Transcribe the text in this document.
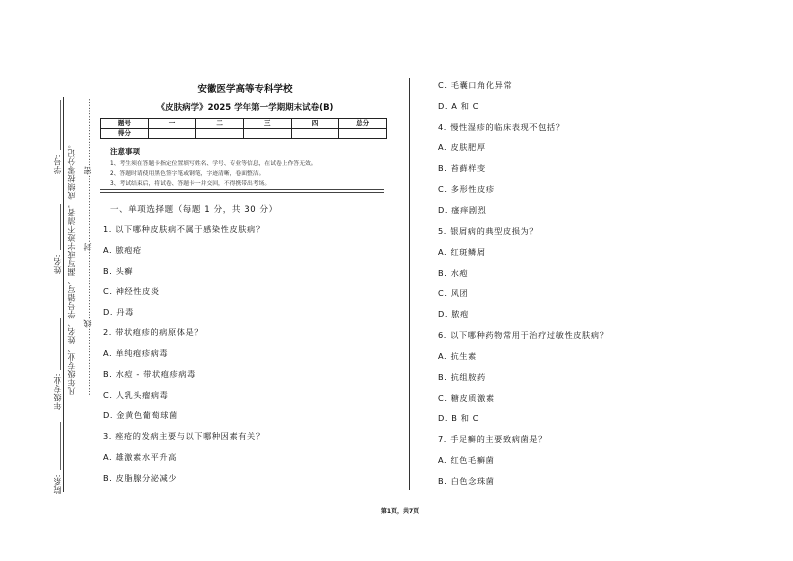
凡年级专业、姓名、学号错写、漏写或字迹不清者，成绩按零分记。 ……………………线……………………封……………………密……………………
学号:
姓名:
年级专业:
院系:
安徽医学高等专科学校
《皮肤病学》2025 学年第一学期期末试卷(B)
题号	一	二	三	四	总分
得分					
注意事项
1、考生须在答题卡指定位置填写姓名、学号、专业等信息，在试卷上作答无效。
2、答题时请使用黑色签字笔或钢笔，字迹清晰，卷面整洁。
3、考试结束后，将试卷、答题卡一并交回，不得携带出考场。
一、单项选择题（每题 1 分，共 30 分）
1. 以下哪种皮肤病不属于感染性皮肤病？
A. 脓疱疮
B. 头癣
C. 神经性皮炎
D. 丹毒
2. 带状疱疹的病原体是？
A. 单纯疱疹病毒
B. 水痘 - 带状疱疹病毒
C. 人乳头瘤病毒
D. 金黄色葡萄球菌
3. 痤疮的发病主要与以下哪种因素有关？
A. 雄激素水平升高
B. 皮脂腺分泌减少
C. 毛囊口角化异常
D. A 和 C
4. 慢性湿疹的临床表现不包括？
A. 皮肤肥厚
B. 苔藓样变
C. 多形性皮疹
D. 瘙痒剧烈
5. 银屑病的典型皮损为？
A. 红斑鳞屑
B. 水疱
C. 风团
D. 脓疱
6. 以下哪种药物常用于治疗过敏性皮肤病？
A. 抗生素
B. 抗组胺药
C. 糖皮质激素
D. B 和 C
7. 手足癣的主要致病菌是？
A. 红色毛癣菌
B. 白色念珠菌
第1页，共7页
